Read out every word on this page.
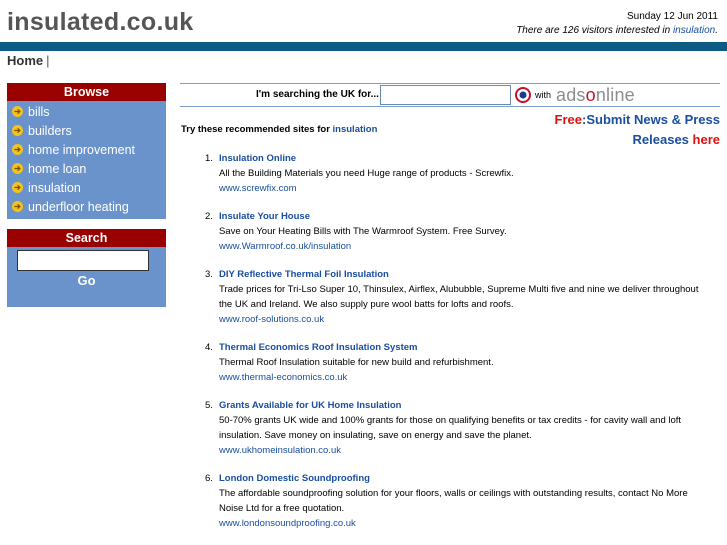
insulated.co.uk	Sunday 12 Jun 2011
There are 126 visitors interested in insulation.
Home |
Browse
➔ bills
➔ builders
➔ home improvement
➔ home loan
➔ insulation
➔ underfloor heating
Search
Go
I'm searching the UK for...	with adsonline
Try these recommended sites for insulation
Free:Submit News & Press Releases here
1. Insulation Online
All the Building Materials you need Huge range of products - Screwfix.
www.screwfix.com
2. Insulate Your House
Save on Your Heating Bills with The Warmroof System. Free Survey.
www.Warmroof.co.uk/insulation
3. DIY Reflective Thermal Foil Insulation
Trade prices for Tri-Lso Super 10, Thinsulex, Airflex, Alububble, Supreme Multi five and nine we deliver throughout the UK and Ireland. We also supply pure wool batts for lofts and roofs.
www.roof-solutions.co.uk
4. Thermal Economics Roof Insulation System
Thermal Roof Insulation suitable for new build and refurbishment.
www.thermal-economics.co.uk
5. Grants Available for UK Home Insulation
50-70% grants UK wide and 100% grants for those on qualifying benefits or tax credits - for cavity wall and loft insulation. Save money on insulating, save on energy and save the planet.
www.ukhomeinsulation.co.uk
6. London Domestic Soundproofing
The affordable soundproofing solution for your floors, walls or ceilings with outstanding results, contact No More Noise Ltd for a free quotation.
www.londonsoundproofing.co.uk
